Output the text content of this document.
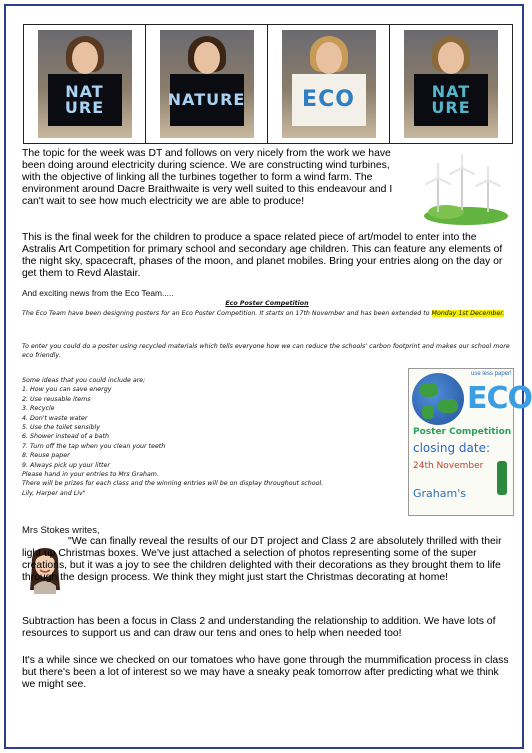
NAT URE	NATURE	ECO	NAT URE

The topic for the week was DT and follows on very nicely from the work we have been doing around electricity during science. We are constructing wind turbines, with the objective of linking all the turbines together to form a wind farm. The environment around Dacre Braithwaite is very well suited to this endeavour and I can't wait to see how much electricity we are able to produce!

This is the final week for the children to produce a space related piece of art/model to enter into the Astralis Art Competition for primary school and secondary age children. This can feature any elements of the night sky, spacecraft, phases of the moon, and planet mobiles. Bring your entries along on the day or get them to Revd Alastair.

And exciting news from the Eco Team.....

Eco Poster Competition

The Eco Team have been designing posters for an Eco Poster Competition. It starts on 17th November and has been extended to Monday 1st December.

To enter you could do a poster using recycled materials which tells everyone how we can reduce the schools' carbon footprint and makes our school more eco friendly.

Some ideas that you could include are;

1. How you can save energy

2. Use reusable items

3. Recycle

4. Don't waste water

5. Use the toilet sensibly

6. Shower instead of a bath

7. Turn off the tap when you clean your teeth

8. Reuse paper

9. Always pick up your litter

Please hand in your entries to Mrs Graham.

There will be prizes for each class and the winning entries will be on display throughout school.

Lily, Harper and Liv"

use less paper!
ECO
Poster Competition
closing date:
24th November
Graham's

Mrs Stokes writes,

"We can finally reveal the results of our DT project and Class 2 are absolutely thrilled with their light up Christmas boxes. We've just attached a selection of photos representing some of the super creations, but it was a joy to see the children delighted with their decorations as they brought them to life through the design process. We think they might just start the Christmas decorating at home!

Subtraction has been a focus in Class 2 and understanding the relationship to addition. We have lots of resources to support us and can draw our tens and ones to help when needed too!

It's a while since we checked on our tomatoes who have gone through the mummification process in class but there's been a lot of interest so we may have a sneaky peak tomorrow after predicting what we think we might see.
